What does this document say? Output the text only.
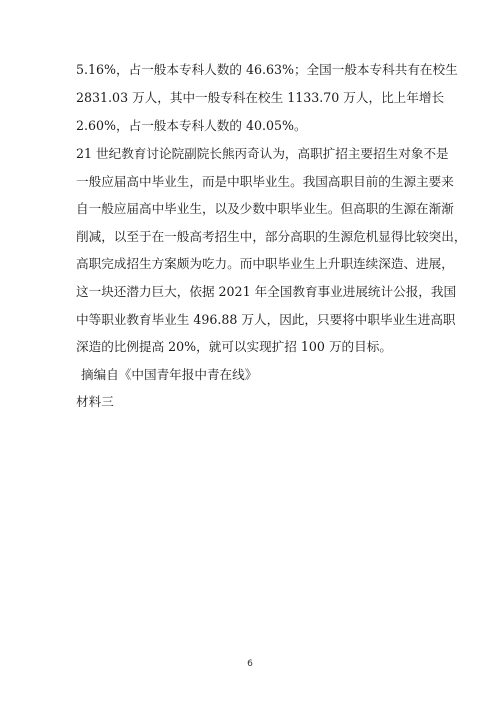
5.16%，占一般本专科人数的 46.63%；全国一般本专科共有在校生
2831.03 万人，其中一般专科在校生 1133.70 万人，比上年增长
2.60%，占一般本专科人数的 40.05%。
21 世纪教育讨论院副院长熊丙奇认为，高职扩招主要招生对象不是
一般应届高中毕业生，而是中职毕业生。我国高职目前的生源主要来
自一般应届高中毕业生，以及少数中职毕业生。但高职的生源在渐渐
削减，以至于在一般高考招生中，部分高职的生源危机显得比较突出，
高职完成招生方案颇为吃力。而中职毕业生上升职连续深造、进展，
这一块还潜力巨大，依据 2021 年全国教育事业进展统计公报，我国
中等职业教育毕业生 496.88 万人，因此，只要将中职毕业生进高职
深造的比例提高 20%，就可以实现扩招 100 万的目标。
摘编自《中国青年报中青在线》
材料三
6
